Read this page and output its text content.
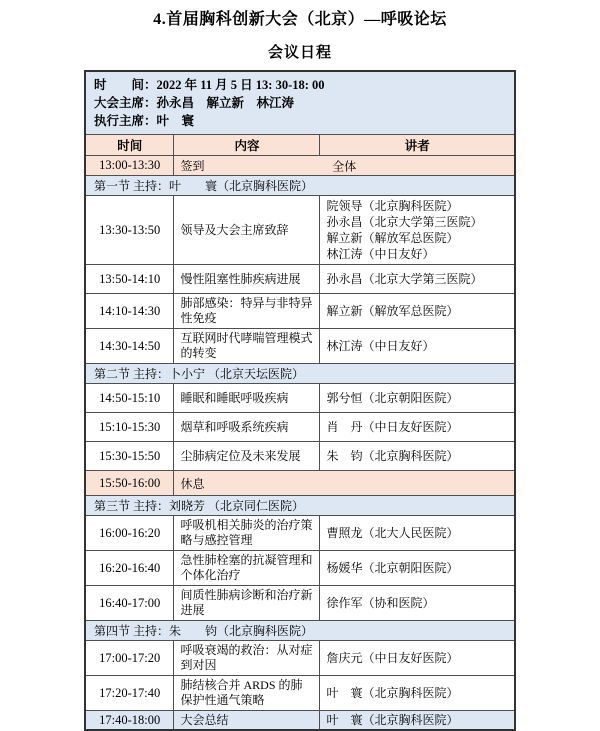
4.首届胸科创新大会（北京）—呼吸论坛
会议日程
时　　间：2022 年 11 月 5 日 13: 30-18: 00
大会主席：孙永昌　解立新　林江涛
执行主席：叶　寰		

时间	内容	讲者
13:00-13:30	签到 全体	

第一节 主持：叶　　寰（北京胸科医院）		
13:30-13:50	领导及大会主席致辞	院领导（北京胸科医院）
孙永昌（北京大学第三医院）
解立新（解放军总医院）
林江涛（中日友好）
13:50-14:10	慢性阻塞性肺疾病进展	孙永昌（北京大学第三医院）
14:10-14:30	肺部感染：特异与非特异性免疫	解立新（解放军总医院）
14:30-14:50	互联网时代哮喘管理模式的转变	林江涛（中日友好）
第二节 主持：卜小宁 （北京天坛医院）		
14:50-15:10	睡眠和睡眠呼吸疾病	郭兮恒（北京朝阳医院）
15:10-15:30	烟草和呼吸系统疾病	肖　丹（中日友好医院）
15:30-15:50	尘肺病定位及未来发展	朱　钧（北京胸科医院）
15:50-16:00	休息	
第三节 主持：刘晓芳 （北京同仁医院）		
16:00-16:20	呼吸机相关肺炎的治疗策略与感控管理	曹照龙（北大人民医院）
16:20-16:40	急性肺栓塞的抗凝管理和个体化治疗	杨媛华（北京朝阳医院）
16:40-17:00	间质性肺病诊断和治疗新进展	徐作军（协和医院）
第四节 主持：朱　　钧（北京胸科医院）		
17:00-17:20	呼吸衰竭的救治：从对症到对因	詹庆元（中日友好医院）
17:20-17:40	肺结核合并 ARDS 的肺保护性通气策略	叶　寰（北京胸科医院）
17:40-18:00	大会总结	叶　寰（北京胸科医院）
